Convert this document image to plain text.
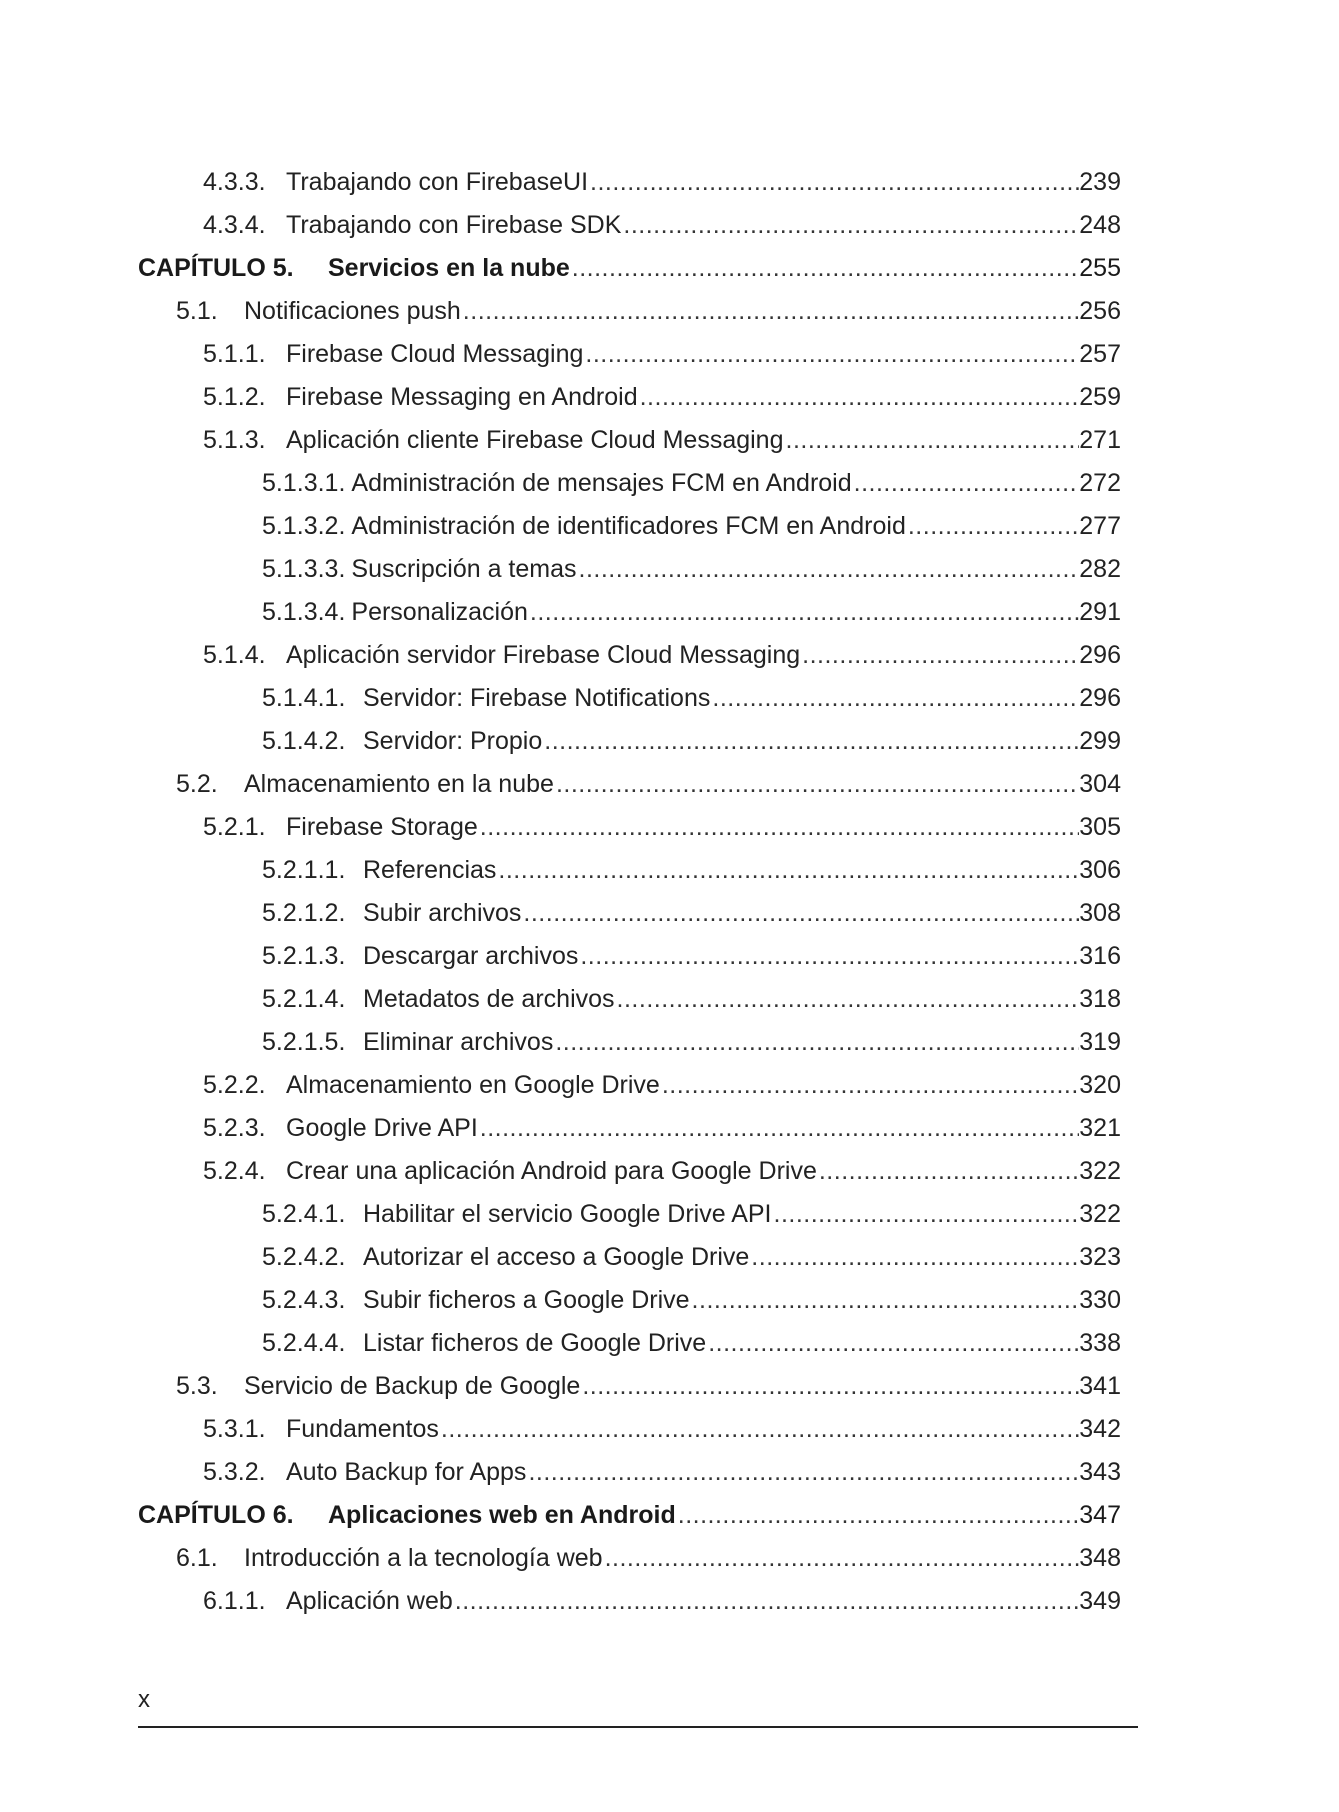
4.3.3. Trabajando con FirebaseUI .....	239
4.3.4. Trabajando con Firebase SDK .....	248
CAPÍTULO 5.	Servicios en la nube .....	255
5.1.	Notificaciones push .....	256
5.1.1. Firebase Cloud Messaging .....	257
5.1.2. Firebase Messaging en Android .....	259
5.1.3. Aplicación cliente Firebase Cloud Messaging .....	271
5.1.3.1. Administración de mensajes FCM en Android .....	272
5.1.3.2. Administración de identificadores FCM en Android .....	277
5.1.3.3. Suscripción a temas .....	282
5.1.3.4. Personalización .....	291
5.1.4. Aplicación servidor Firebase Cloud Messaging .....	296
5.1.4.1. Servidor: Firebase Notifications .....	296
5.1.4.2. Servidor: Propio .....	299
5.2.	Almacenamiento en la nube .....	304
5.2.1. Firebase Storage .....	305
5.2.1.1. Referencias .....	306
5.2.1.2. Subir archivos .....	308
5.2.1.3. Descargar archivos .....	316
5.2.1.4. Metadatos de archivos .....	318
5.2.1.5. Eliminar archivos .....	319
5.2.2. Almacenamiento en Google Drive .....	320
5.2.3. Google Drive API .....	321
5.2.4. Crear una aplicación Android para Google Drive .....	322
5.2.4.1. Habilitar el servicio Google Drive API .....	322
5.2.4.2. Autorizar el acceso a Google Drive .....	323
5.2.4.3. Subir ficheros a Google Drive .....	330
5.2.4.4. Listar ficheros de Google Drive .....	338
5.3.	Servicio de Backup de Google .....	341
5.3.1. Fundamentos .....	342
5.3.2. Auto Backup for Apps .....	343
CAPÍTULO 6.	Aplicaciones web en Android .....	347
6.1.	Introducción a la tecnología web .....	348
6.1.1. Aplicación web .....	349
x
